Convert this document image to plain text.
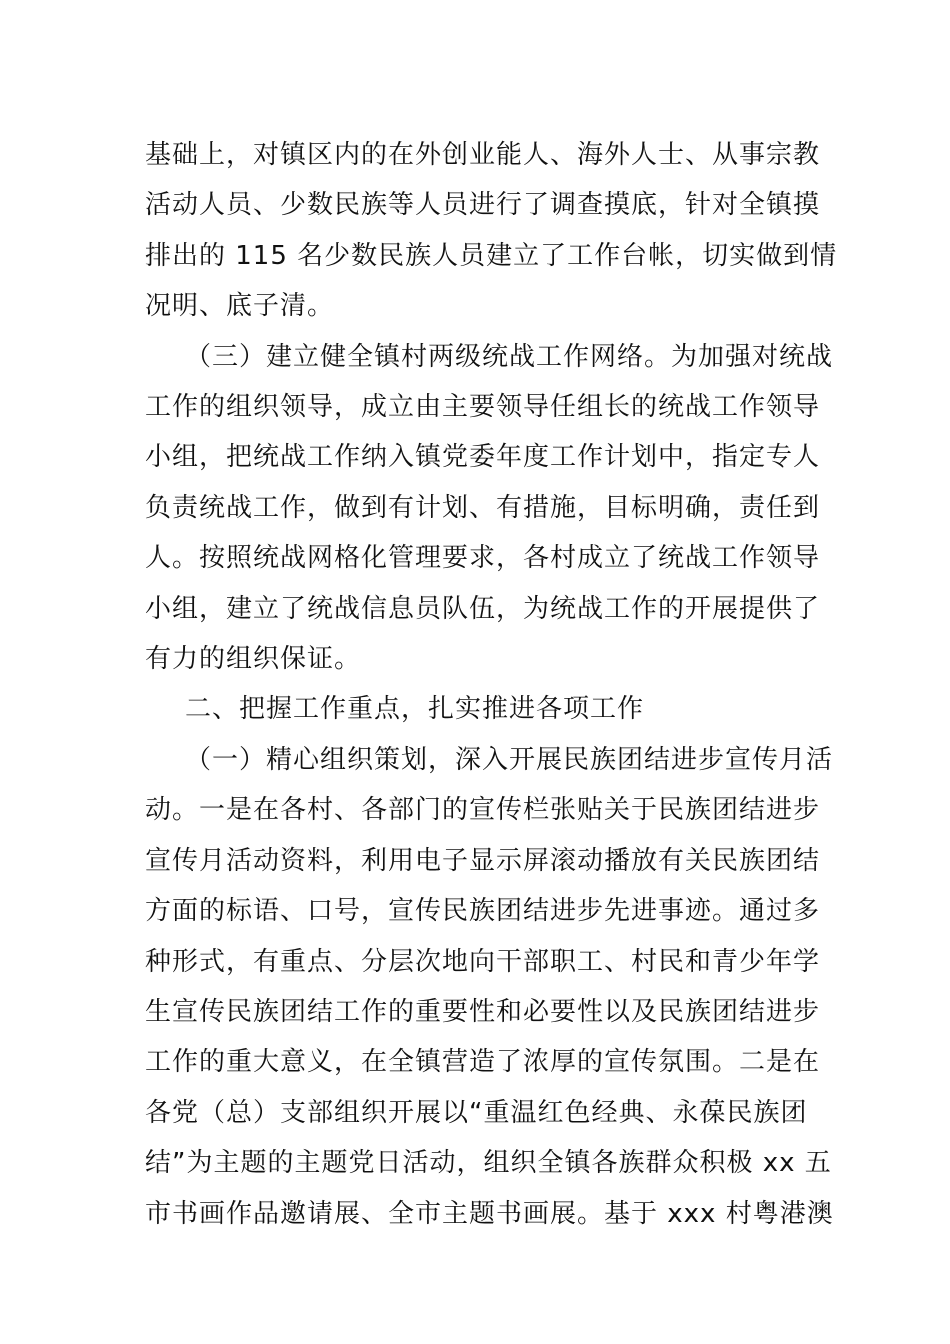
基础上，对镇区内的在外创业能人、海外人士、从事宗教
活动人员、少数民族等人员进行了调查摸底，针对全镇摸
排出的 115 名少数民族人员建立了工作台帐，切实做到情
况明、底子清。

（三）建立健全镇村两级统战工作网络。为加强对统战
工作的组织领导，成立由主要领导任组长的统战工作领导
小组，把统战工作纳入镇党委年度工作计划中，指定专人
负责统战工作，做到有计划、有措施，目标明确，责任到
人。按照统战网格化管理要求，各村成立了统战工作领导
小组，建立了统战信息员队伍，为统战工作的开展提供了
有力的组织保证。

二、把握工作重点，扎实推进各项工作

（一）精心组织策划，深入开展民族团结进步宣传月活
动。一是在各村、各部门的宣传栏张贴关于民族团结进步
宣传月活动资料，利用电子显示屏滚动播放有关民族团结
方面的标语、口号，宣传民族团结进步先进事迹。通过多
种形式，有重点、分层次地向干部职工、村民和青少年学
生宣传民族团结工作的重要性和必要性以及民族团结进步
工作的重大意义，在全镇营造了浓厚的宣传氛围。二是在
各党（总）支部组织开展以“重温红色经典、永葆民族团
结”为主题的主题党日活动，组织全镇各族群众积极 xx 五
市书画作品邀请展、全市主题书画展。基于 xxx 村粤港澳
